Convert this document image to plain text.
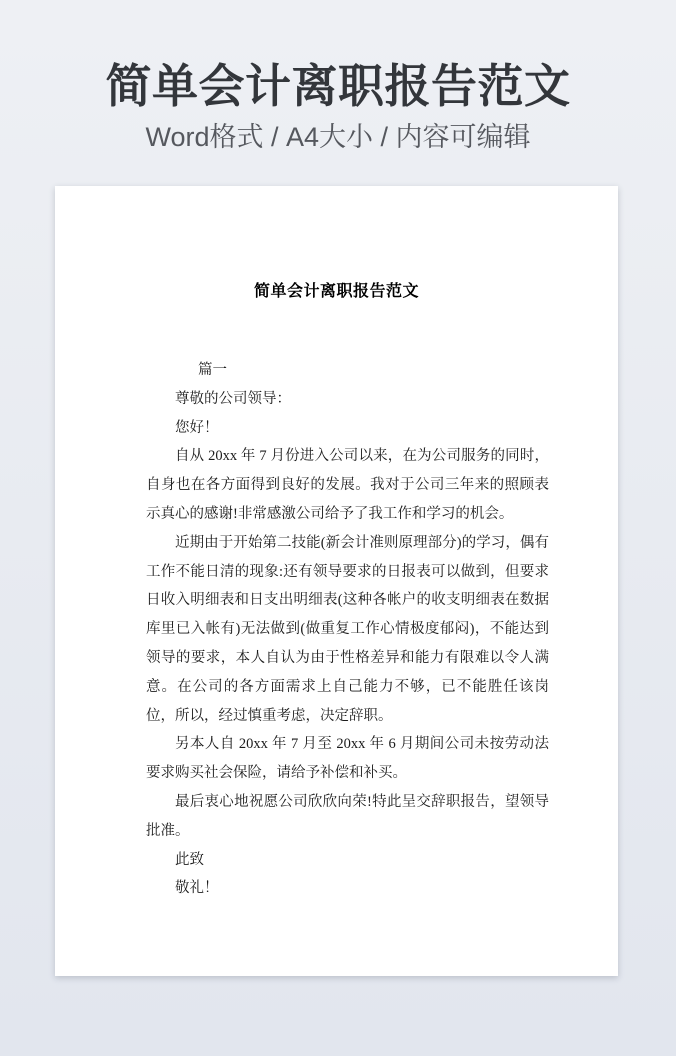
简单会计离职报告范文
Word格式 / A4大小 / 内容可编辑
简单会计离职报告范文

篇一

尊敬的公司领导：

您好！

自从 20xx 年 7 月份进入公司以来，在为公司服务的同时，自身也在各方面得到良好的发展。我对于公司三年来的照顾表示真心的感谢!非常感激公司给予了我工作和学习的机会。

近期由于开始第二技能(新会计准则原理部分)的学习，偶有工作不能日清的现象:还有领导要求的日报表可以做到，但要求日收入明细表和日支出明细表(这种各帐户的收支明细表在数据库里已入帐有)无法做到(做重复工作心情极度郁闷)，不能达到领导的要求，本人自认为由于性格差异和能力有限难以令人满意。在公司的各方面需求上自己能力不够，已不能胜任该岗位，所以，经过慎重考虑，决定辞职。

另本人自 20xx 年 7 月至 20xx 年 6 月期间公司未按劳动法要求购买社会保险，请给予补偿和补买。

最后衷心地祝愿公司欣欣向荣!特此呈交辞职报告，望领导批准。

此致

敬礼！
